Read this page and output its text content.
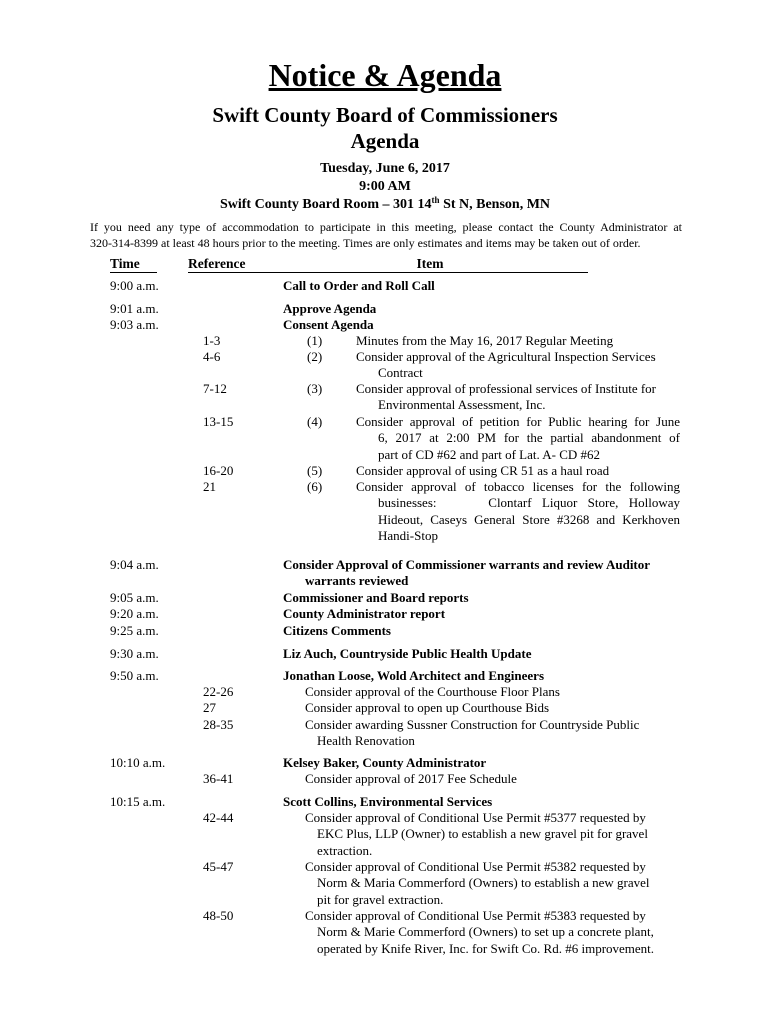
Notice & Agenda
Swift County Board of Commissioners
Agenda
Tuesday, June 6, 2017
9:00 AM
Swift County Board Room – 301 14th St N, Benson, MN
If you need any type of accommodation to participate in this meeting, please contact the County Administrator at
320-314-8399 at least 48 hours prior to the meeting. Times are only estimates and items may be taken out of order.
Time	Reference	Item
9:00 a.m.	Call to Order and Roll Call
9:01 a.m.	Approve Agenda
9:03 a.m.	Consent Agenda
1-3	(1)	Minutes from the May 16, 2017 Regular Meeting
4-6	(2)	Consider approval of the Agricultural Inspection Services
Contract
7-12	(3)	Consider approval of professional services of Institute for
Environmental Assessment, Inc.
13-15	(4)	Consider approval of petition for Public hearing for June
6, 2017 at 2:00 PM for the partial abandonment of
part of CD #62 and part of Lat. A- CD #62
16-20	(5)	Consider approval of using CR 51 as a haul road
21	(6)	Consider approval of tobacco licenses for the following
businesses:     Clontarf Liquor Store, Holloway
Hideout, Caseys General Store #3268 and Kerkhoven
Handi-Stop
9:04 a.m.	Consider Approval of Commissioner warrants and review Auditor
warrants reviewed
9:05 a.m.	Commissioner and Board reports
9:20 a.m.	County Administrator report
9:25 a.m.	Citizens Comments
9:30 a.m.	Liz Auch, Countryside Public Health Update
9:50 a.m.	Jonathan Loose, Wold Architect and Engineers
22-26	Consider approval of the Courthouse Floor Plans
27	Consider approval to open up Courthouse Bids
28-35	Consider awarding Sussner Construction for Countryside Public
Health Renovation
10:10 a.m.	Kelsey Baker, County Administrator
36-41	Consider approval of 2017 Fee Schedule
10:15 a.m.	Scott Collins, Environmental Services
42-44	Consider approval of Conditional Use Permit #5377 requested by
EKC Plus, LLP (Owner) to establish a new gravel pit for gravel
extraction.
45-47	Consider approval of Conditional Use Permit #5382 requested by
Norm & Maria Commerford (Owners) to establish a new gravel
pit for gravel extraction.
48-50	Consider approval of Conditional Use Permit #5383 requested by
Norm & Marie Commerford (Owners) to set up a concrete plant,
operated by Knife River, Inc. for Swift Co. Rd. #6 improvement.
